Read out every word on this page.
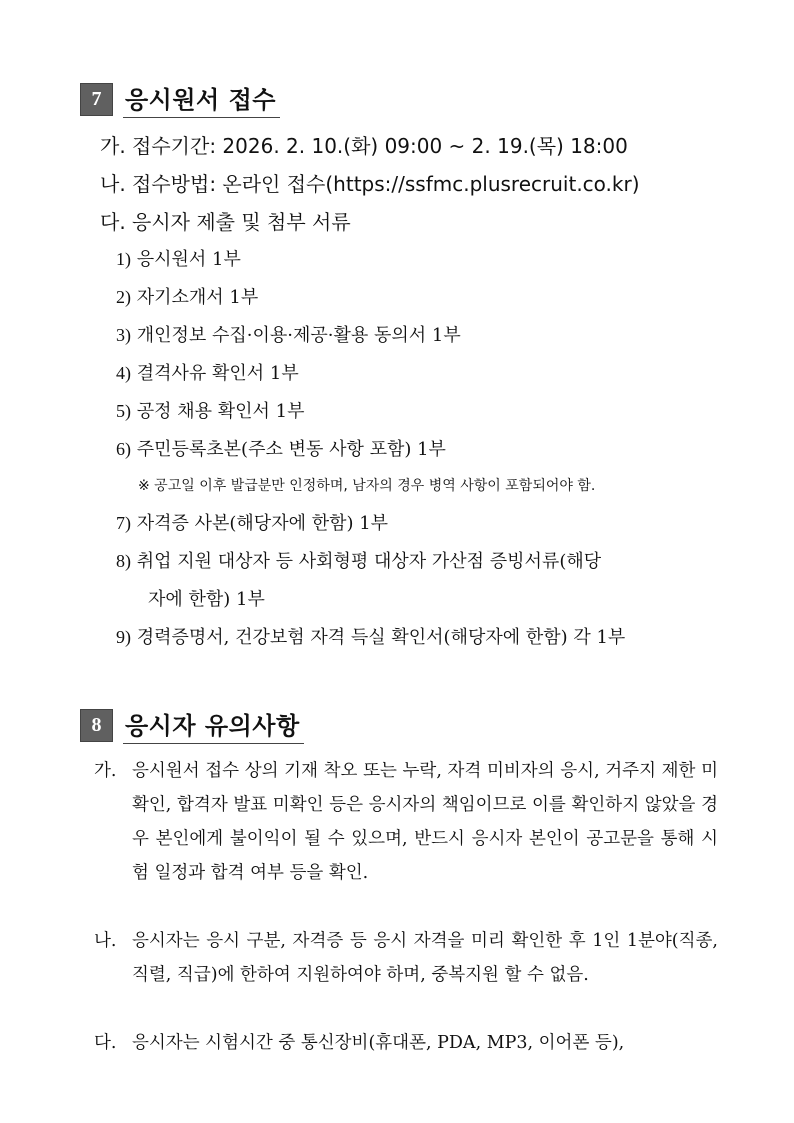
7 응시원서 접수
가. 접수기간: 2026. 2. 10.(화) 09:00 ~ 2. 19.(목) 18:00
나. 접수방법: 온라인 접수(https://ssfmc.plusrecruit.co.kr)
다. 응시자 제출 및 첨부 서류
1) 응시원서 1부
2) 자기소개서 1부
3) 개인정보 수집·이용·제공·활용 동의서 1부
4) 결격사유 확인서 1부
5) 공정 채용 확인서 1부
6) 주민등록초본(주소 변동 사항 포함) 1부
※ 공고일 이후 발급분만 인정하며, 남자의 경우 병역 사항이 포함되어야 함.
7) 자격증 사본(해당자에 한함) 1부
8) 취업 지원 대상자 등 사회형평 대상자 가산점 증빙서류(해당
자에 한함) 1부
9) 경력증명서, 건강보험 자격 득실 확인서(해당자에 한함) 각 1부
8 응시자 유의사항
가. 응시원서 접수 상의 기재 착오 또는 누락, 자격 미비자의 응시, 거주지 제한 미확인, 합격자 발표 미확인 등은 응시자의 책임이므로 이를 확인하지 않았을 경우 본인에게 불이익이 될 수 있으며, 반드시 응시자 본인이 공고문을 통해 시험 일정과 합격 여부 등을 확인.
나. 응시자는 응시 구분, 자격증 등 응시 자격을 미리 확인한 후 1인 1분야(직종, 직렬, 직급)에 한하여 지원하여야 하며, 중복지원 할 수 없음.
다. 응시자는 시험시간 중 통신장비(휴대폰, PDA, MP3, 이어폰 등),
